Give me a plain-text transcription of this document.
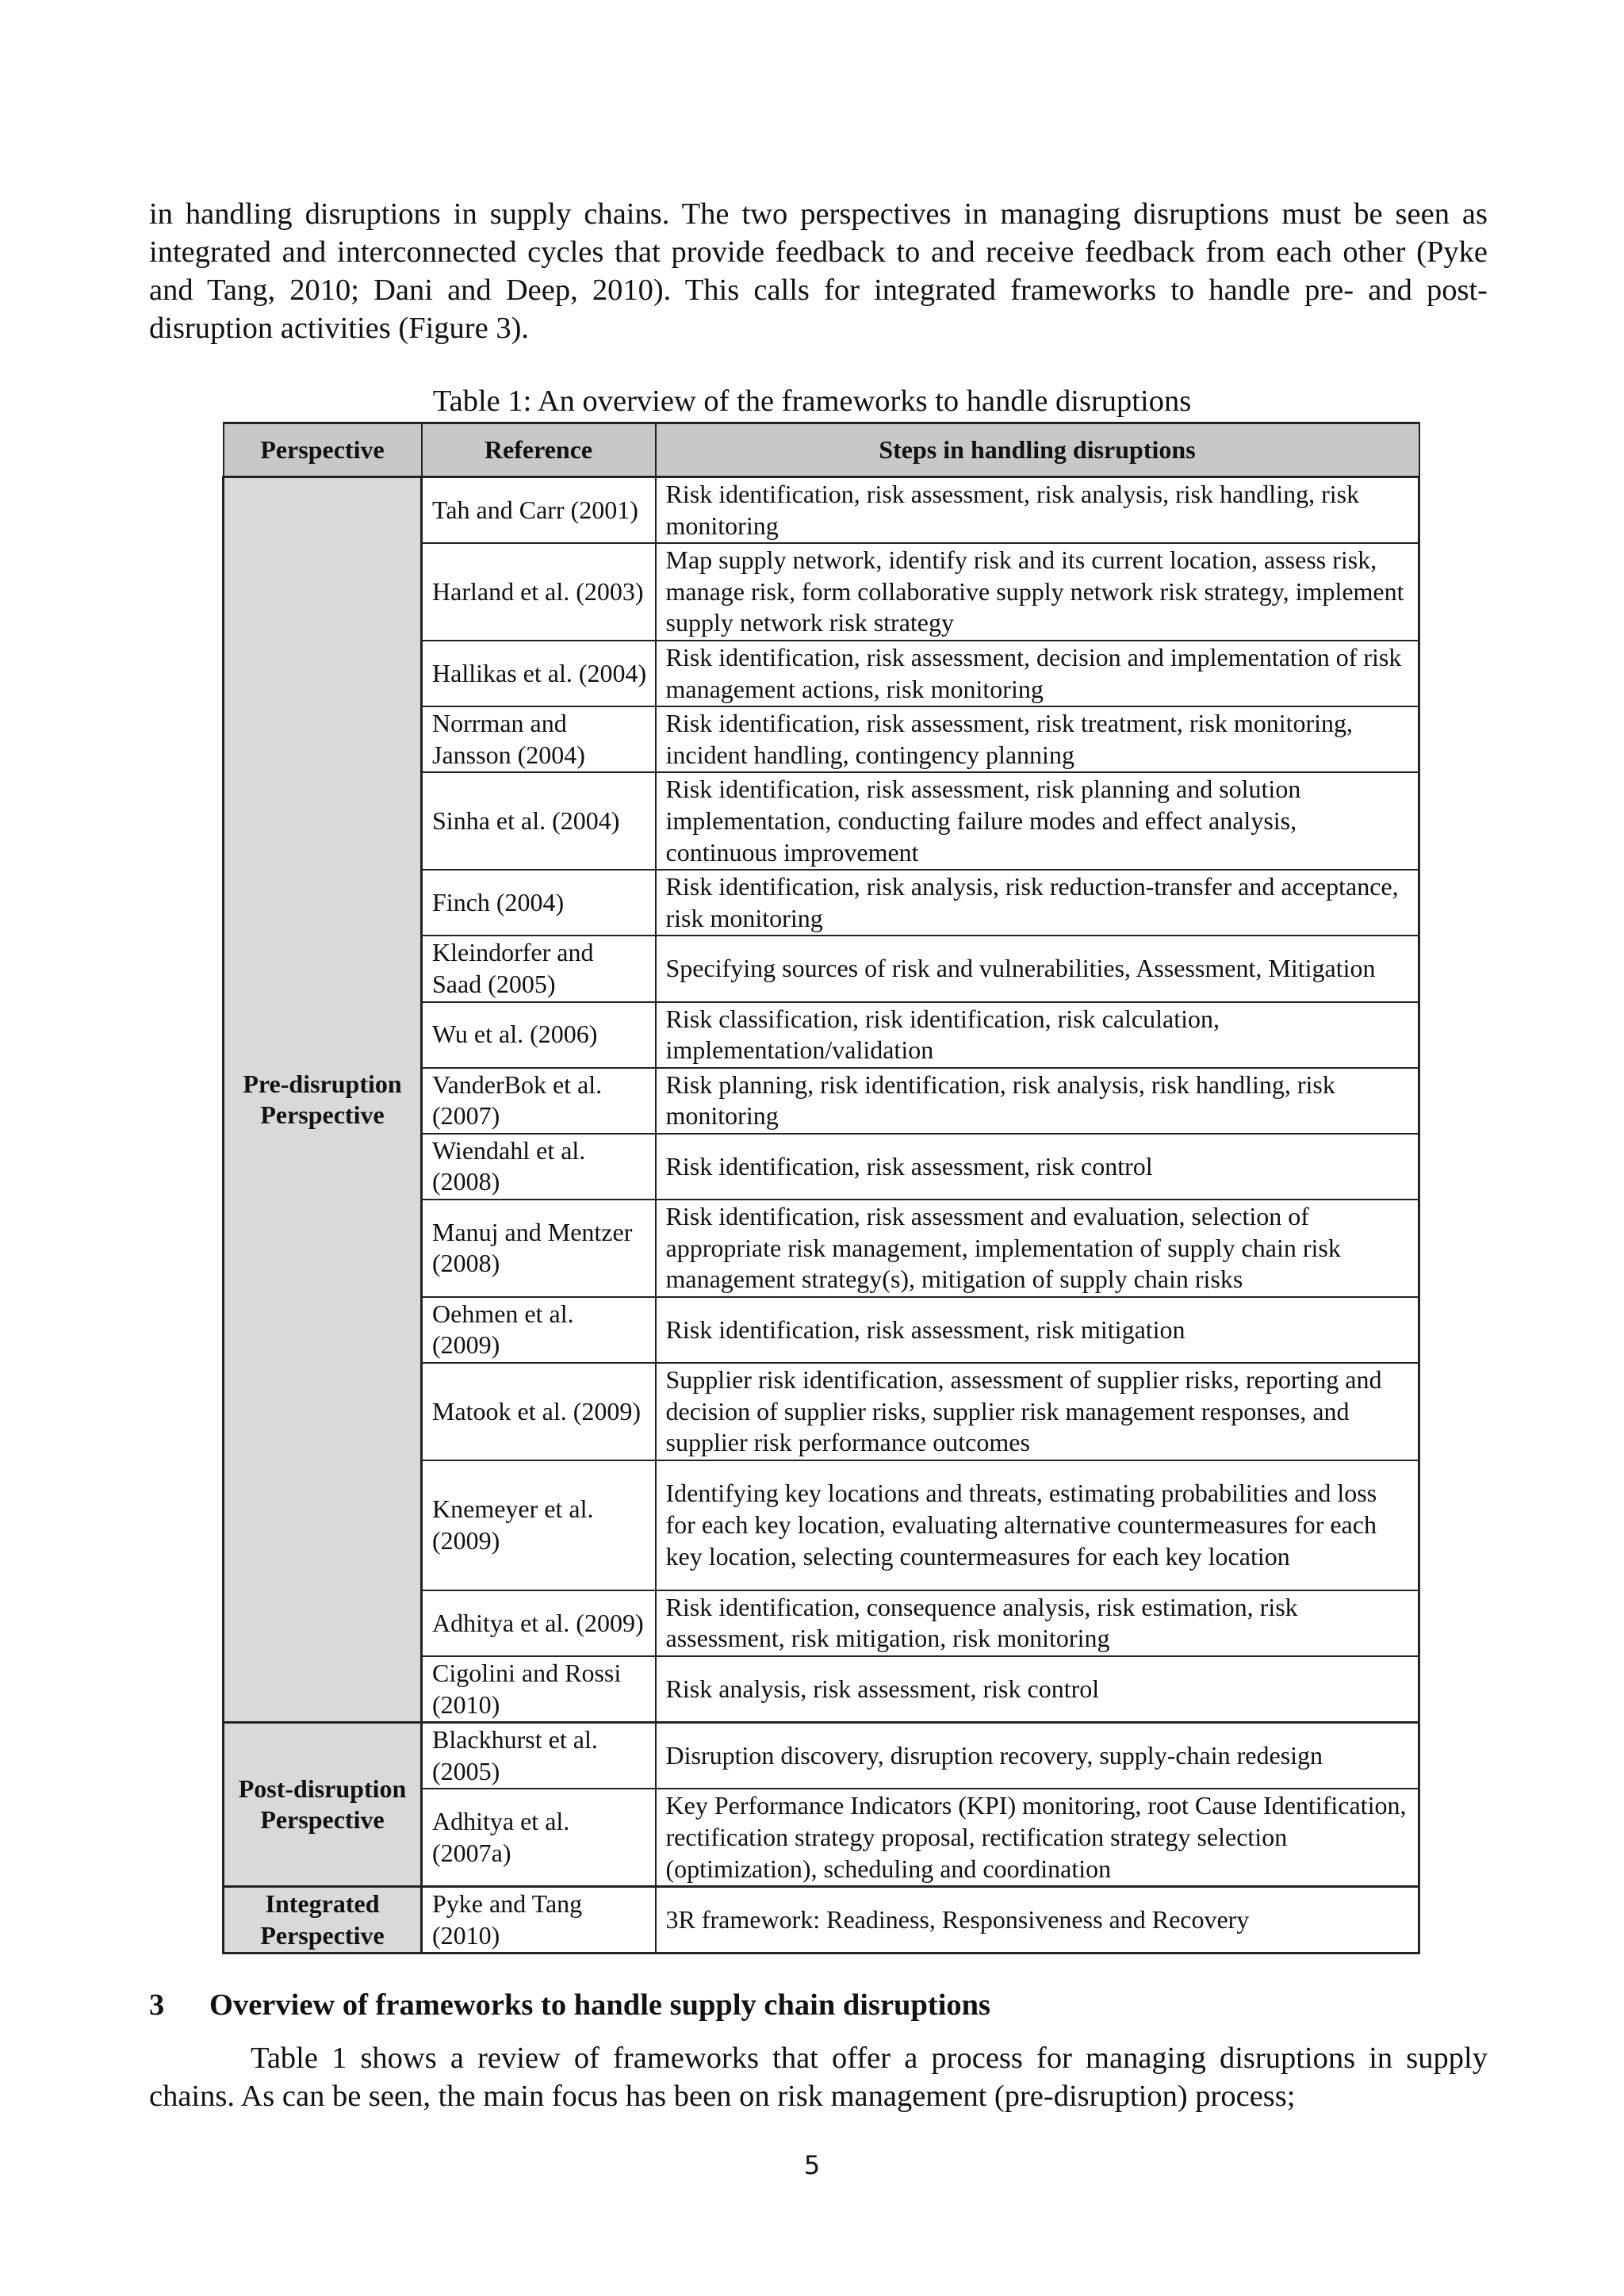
in handling disruptions in supply chains. The two perspectives in managing disruptions must be seen as integrated and interconnected cycles that provide feedback to and receive feedback from each other (Pyke and Tang, 2010; Dani and Deep, 2010). This calls for integrated frameworks to handle pre- and post-disruption activities (Figure 3).

Table 1: An overview of the frameworks to handle disruptions
Perspective	Reference	Steps in handling disruptions
Pre-disruption Perspective	Tah and Carr (2001)	Risk identification, risk assessment, risk analysis, risk handling, risk monitoring
	Harland et al. (2003)	Map supply network, identify risk and its current location, assess risk, manage risk, form collaborative supply network risk strategy, implement supply network risk strategy
	Hallikas et al. (2004)	Risk identification, risk assessment, decision and implementation of risk management actions, risk monitoring
	Norrman and Jansson (2004)	Risk identification, risk assessment, risk treatment, risk monitoring, incident handling, contingency planning
	Sinha et al. (2004)	Risk identification, risk assessment, risk planning and solution implementation, conducting failure modes and effect analysis, continuous improvement
	Finch (2004)	Risk identification, risk analysis, risk reduction-transfer and acceptance, risk monitoring
	Kleindorfer and Saad (2005)	Specifying sources of risk and vulnerabilities, Assessment, Mitigation
	Wu et al. (2006)	Risk classification, risk identification, risk calculation, implementation/validation
	VanderBok et al. (2007)	Risk planning, risk identification, risk analysis, risk handling, risk monitoring
	Wiendahl et al. (2008)	Risk identification, risk assessment, risk control
	Manuj and Mentzer (2008)	Risk identification, risk assessment and evaluation, selection of appropriate risk management, implementation of supply chain risk management strategy(s), mitigation of supply chain risks
	Oehmen et al. (2009)	Risk identification, risk assessment, risk mitigation
	Matook et al. (2009)	Supplier risk identification, assessment of supplier risks, reporting and decision of supplier risks, supplier risk management responses, and supplier risk performance outcomes
	Knemeyer et al. (2009)	Identifying key locations and threats, estimating probabilities and loss for each key location, evaluating alternative countermeasures for each key location, selecting countermeasures for each key location
	Adhitya et al. (2009)	Risk identification, consequence analysis, risk estimation, risk assessment, risk mitigation, risk monitoring
	Cigolini and Rossi (2010)	Risk analysis, risk assessment, risk control
Post-disruption Perspective	Blackhurst et al. (2005)	Disruption discovery, disruption recovery, supply-chain redesign
	Adhitya et al. (2007a)	Key Performance Indicators (KPI) monitoring, root Cause Identification, rectification strategy proposal, rectification strategy selection (optimization), scheduling and coordination
Integrated Perspective	Pyke and Tang (2010)	3R framework: Readiness, Responsiveness and Recovery
3 Overview of frameworks to handle supply chain disruptions

Table 1 shows a review of frameworks that offer a process for managing disruptions in supply chains. As can be seen, the main focus has been on risk management (pre-disruption) process;

5
